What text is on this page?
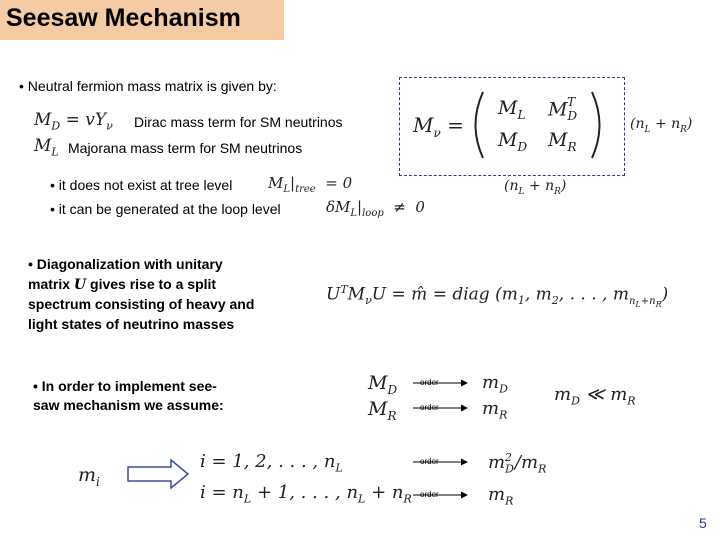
Seesaw Mechanism
• Neutral fermion mass matrix is given by:
$M_D = vY_\nu$ Dirac mass term for SM neutrinos
$M_L$ Majorana mass term for SM neutrinos
• it does not exist at tree level $M_L|_{tree} = 0$
• it can be generated at the loop level	$\delta M_L|_{loop} \ne 0$
$M_\nu$ =
$M_L$ $M_D^T$
$M_D$ $M_R$
$(n_L + n_R)$
$(n_L + n_R)$
• Diagonalization with unitary
matrix U gives rise to a split
spectrum consisting of heavy and
light states of neutrino masses
$U^TM_\nu U$ = m̂ = diag ($m_1$, $m_2$, . . . , $m_{n_L+n_R}$)
• In order to implement see-
saw mechanism we assume:
$M_D$
$M_R$
order
order
order
order
$m_D$
$m_R$
$m_D$ ≪ $m_R$
$m_i$
i = 1, 2, . . . , $n_L$
$i = n_L + 1$, . . . , $n_L + n_R$
$m_D^2$ $/m_R$
$m_R$
5
